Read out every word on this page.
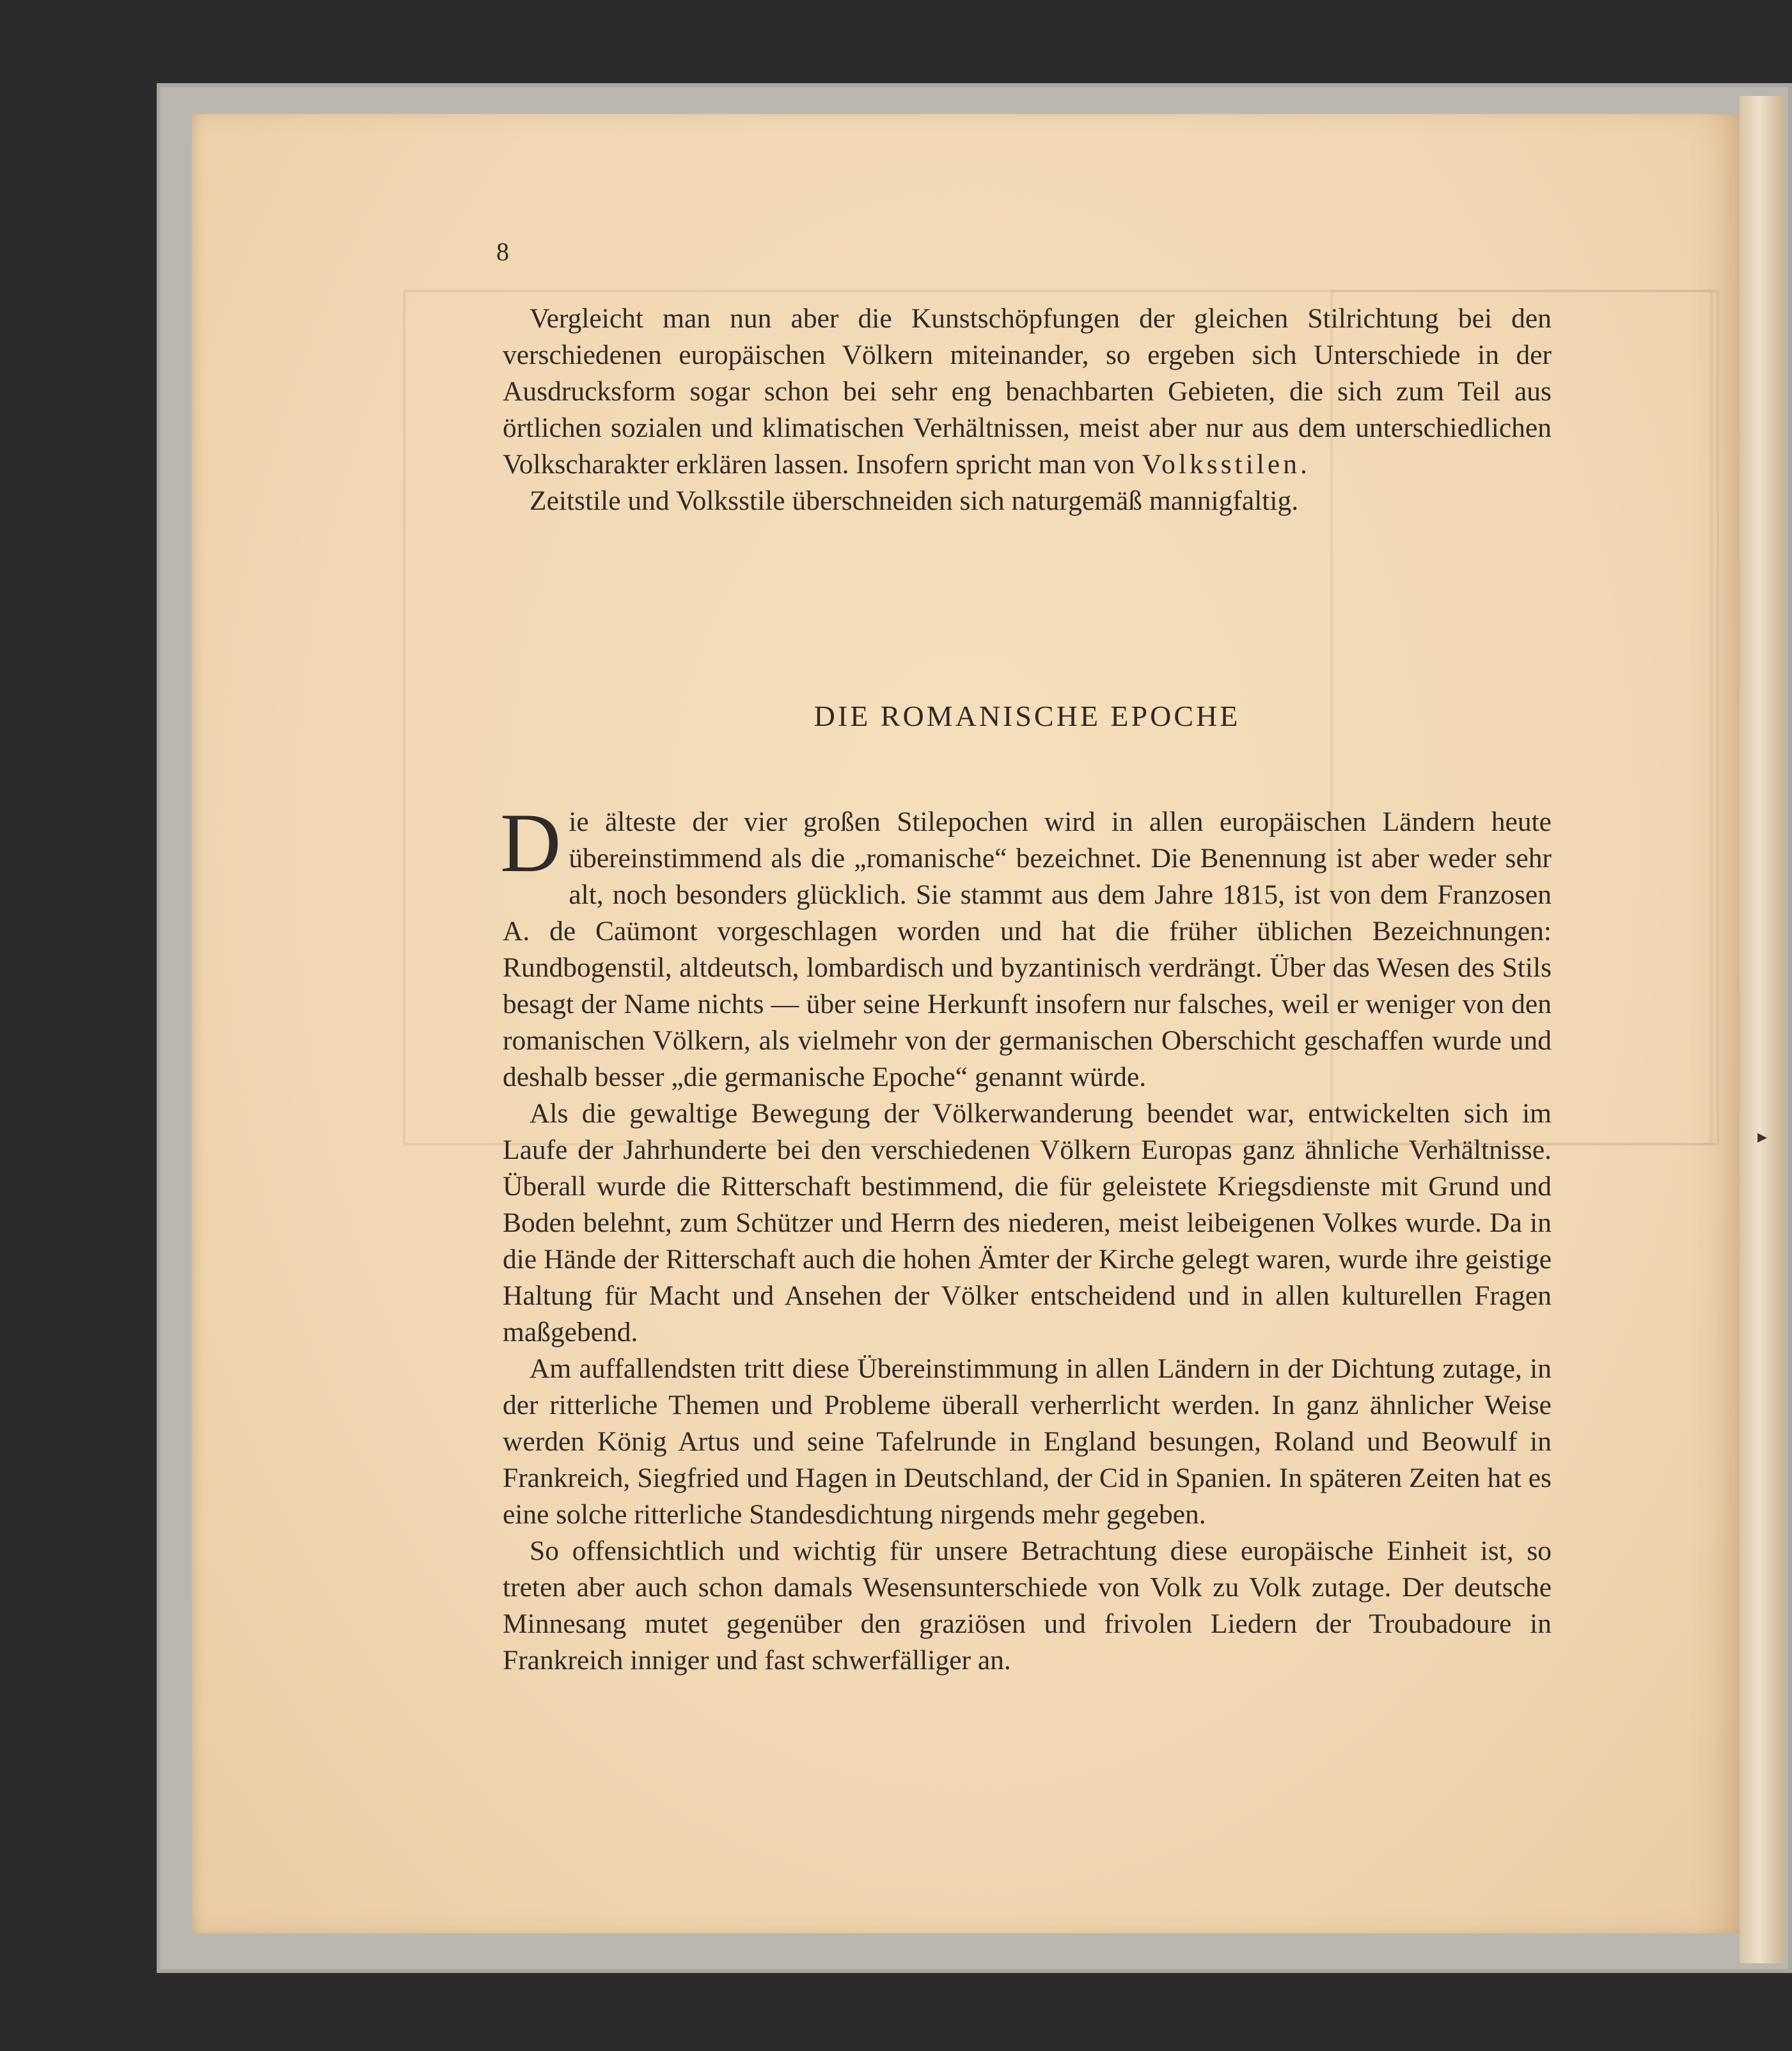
8

Vergleicht man nun aber die Kunstschöpfungen der gleichen Stilrichtung bei den verschiedenen europäischen Völkern miteinander, so ergeben sich Unterschiede in der Ausdrucksform sogar schon bei sehr eng benachbarten Gebieten, die sich zum Teil aus örtlichen sozialen und klimatischen Verhältnissen, meist aber nur aus dem unterschiedlichen Volkscharakter erklären lassen. Insofern spricht man von Volksstilen.

Zeitstile und Volksstile überschneiden sich naturgemäß mannigfaltig.

DIE ROMANISCHE EPOCHE

Die älteste der vier großen Stilepochen wird in allen europäischen Ländern heute übereinstimmend als die „romanische“ bezeichnet. Die Benennung ist aber weder sehr alt, noch besonders glücklich. Sie stammt aus dem Jahre 1815, ist von dem Franzosen A. de Caümont vorgeschlagen worden und hat die früher üblichen Bezeichnungen: Rundbogenstil, altdeutsch, lombardisch und byzantinisch verdrängt. Über das Wesen des Stils besagt der Name nichts — über seine Herkunft insofern nur falsches, weil er weniger von den romanischen Völkern, als vielmehr von der germanischen Oberschicht geschaffen wurde und deshalb besser „die germanische Epoche“ genannt würde.

Als die gewaltige Bewegung der Völkerwanderung beendet war, entwickelten sich im Laufe der Jahrhunderte bei den verschiedenen Völkern Europas ganz ähnliche Verhältnisse. Überall wurde die Ritterschaft bestimmend, die für geleistete Kriegsdienste mit Grund und Boden belehnt, zum Schützer und Herrn des niederen, meist leibeigenen Volkes wurde. Da in die Hände der Ritterschaft auch die hohen Ämter der Kirche gelegt waren, wurde ihre geistige Haltung für Macht und Ansehen der Völker entscheidend und in allen kulturellen Fragen maßgebend.

Am auffallendsten tritt diese Übereinstimmung in allen Ländern in der Dichtung zutage, in der ritterliche Themen und Probleme überall verherrlicht werden. In ganz ähnlicher Weise werden König Artus und seine Tafelrunde in England besungen, Roland und Beowulf in Frankreich, Siegfried und Hagen in Deutschland, der Cid in Spanien. In späteren Zeiten hat es eine solche ritterliche Standesdichtung nirgends mehr gegeben.

So offensichtlich und wichtig für unsere Betrachtung diese europäische Einheit ist, so treten aber auch schon damals Wesensunterschiede von Volk zu Volk zutage. Der deutsche Minnesang mutet gegenüber den graziösen und frivolen Liedern der Troubadoure in Frankreich inniger und fast schwerfälliger an.

▸
